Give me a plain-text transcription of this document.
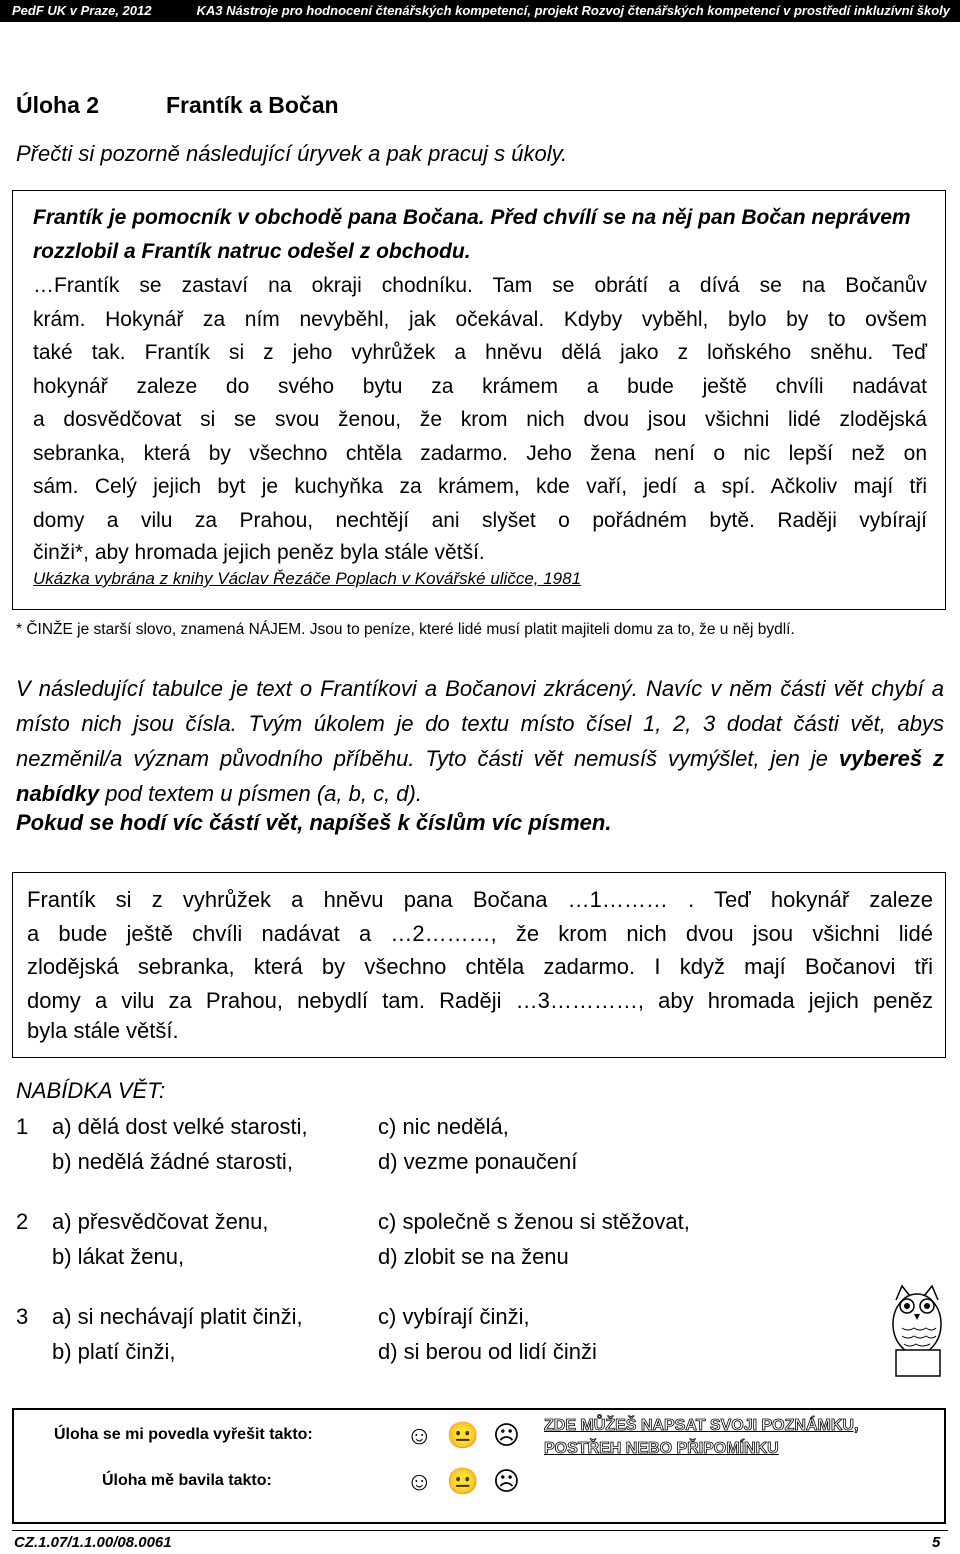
PedF UK v Praze, 2012	KA3 Nástroje pro hodnocení čtenářských kompetencí, projekt Rozvoj čtenářských kompetencí v prostředí inkluzívní školy
Úloha 2	Frantík a Bočan
Přečti si pozorně následující úryvek a pak pracuj s úkoly.
Frantík je pomocník v obchodě pana Bočana. Před chvílí se na něj pan Bočan neprávem rozzlobil a Frantík natruc odešel z obchodu.
…Frantík se zastaví na okraji chodníku. Tam se obrátí a dívá se na Bočanův
krám. Hokynář za ním nevyběhl, jak očekával. Kdyby vyběhl, bylo by to ovšem
také tak. Frantík si z jeho vyhrůžek a hněvu dělá jako z loňského sněhu. Teď
hokynář zaleze do svého bytu za krámem a bude ještě chvíli nadávat
a dosvědčovat si se svou ženou, že krom nich dvou jsou všichni lidé zlodějská
sebranka, která by všechno chtěla zadarmo. Jeho žena není o nic lepší než on
sám. Celý jejich byt je kuchyňka za krámem, kde vaří, jedí a spí. Ačkoliv mají tři
domy a vilu za Prahou, nechtějí ani slyšet o pořádném bytě. Raději vybírají
činži*, aby hromada jejich peněz byla stále větší.
Ukázka vybrána z knihy Václav Řezáče Poplach v Kovářské uličce, 1981
* ČINŽE je starší slovo, znamená NÁJEM. Jsou to peníze, které lidé musí platit majiteli domu za to, že u něj bydlí.
V následující tabulce je text o Frantíkovi a Bočanovi zkrácený. Navíc v něm části vět chybí a místo nich jsou čísla. Tvým úkolem je do textu místo čísel 1, 2, 3 dodat části vět, abys nezměnil/a význam původního příběhu. Tyto části vět nemusíš vymýšlet, jen je vybereš z nabídky pod textem u písmen (a, b, c, d).
Pokud se hodí víc částí vět, napíšeš k číslům víc písmen.
Frantík si z vyhrůžek a hněvu pana Bočana …1……… . Teď hokynář zaleze
a bude ještě chvíli nadávat a …2………, že krom nich dvou jsou všichni lidé
zlodějská sebranka, která by všechno chtěla zadarmo. I když mají Bočanovi tři
domy a vilu za Prahou, nebydlí tam. Raději …3…………, aby hromada jejich peněz
byla stále větší.
NABÍDKA VĚT:
1 a) dělá dost velké starosti,	c) nic nedělá,
b) nedělá žádné starosti,	d) vezme ponaučení
2 a) přesvědčovat ženu,	c) společně s ženou si stěžovat,
b) lákat ženu,	d) zlobit se na ženu
3 a) si nechávají platit činži,	c) vybírají činži,
b) platí činži,	d) si berou od lidí činži
Úloha se mi povedla vyřešit takto:	☺😐☹
Úloha mě bavila takto:	☺😐☹
ZDE MŮŽEŠ NAPSAT SVOJI POZNÁMKU,
POSTŘEH NEBO PŘIPOMÍNKU
CZ.1.07/1.1.00/08.0061	5
